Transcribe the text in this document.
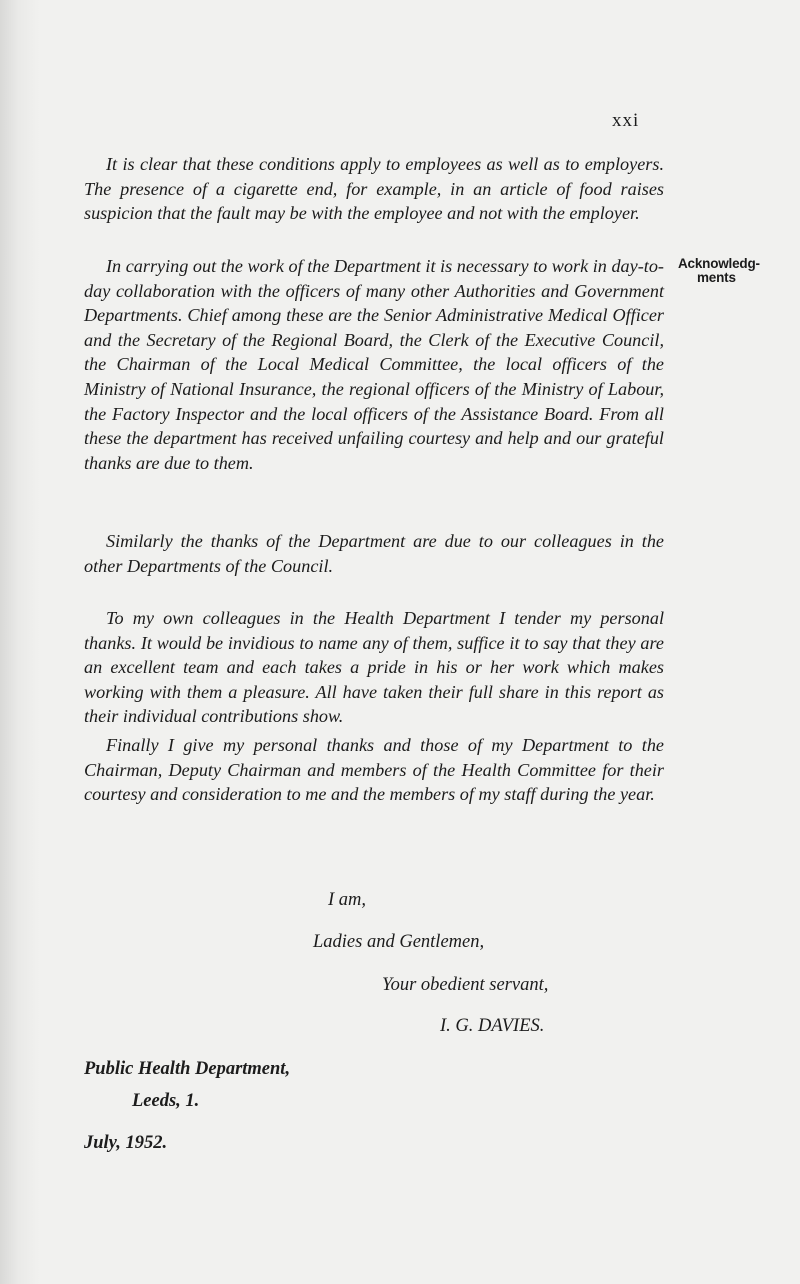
xxi

It is clear that these conditions apply to employees as well as to employers. The presence of a cigarette end, for example, in an article of food raises suspicion that the fault may be with the employee and not with the employer.

In carrying out the work of the Department it is necessary to work in day-to-day collaboration with the officers of many other Authorities and Government Departments. Chief among these are the Senior Administrative Medical Officer and the Secretary of the Regional Board, the Clerk of the Executive Council, the Chairman of the Local Medical Committee, the local officers of the Ministry of National Insurance, the regional officers of the Ministry of Labour, the Factory Inspector and the local officers of the Assistance Board. From all these the department has received unfailing courtesy and help and our grateful thanks are due to them.

Acknowledg-
ments

Similarly the thanks of the Department are due to our colleagues in the other Departments of the Council.

To my own colleagues in the Health Department I tender my personal thanks. It would be invidious to name any of them, suffice it to say that they are an excellent team and each takes a pride in his or her work which makes working with them a pleasure. All have taken their full share in this report as their individual contributions show.

Finally I give my personal thanks and those of my Department to the Chairman, Deputy Chairman and members of the Health Committee for their courtesy and consideration to me and the members of my staff during the year.

I am,
Ladies and Gentlemen,
Your obedient servant,
I. G. DAVIES.
Public Health Department,
Leeds, 1.
July, 1952.
